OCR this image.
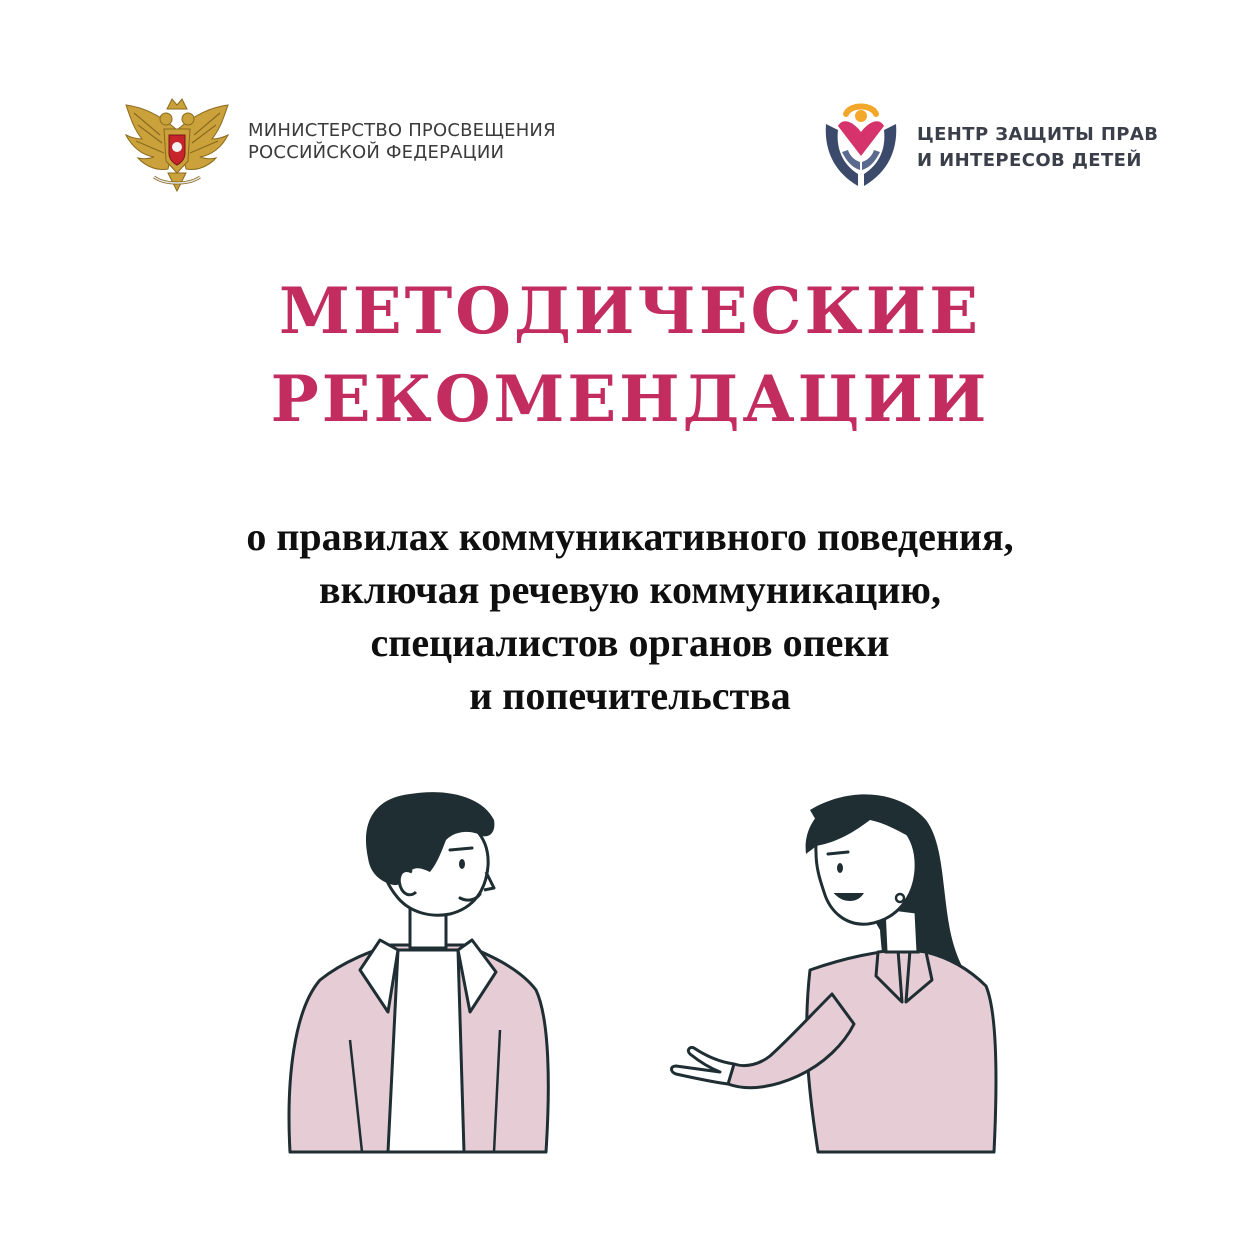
МИНИСТЕРСТВО ПРОСВЕЩЕНИЯ
РОССИЙСКОЙ ФЕДЕРАЦИИ
ЦЕНТР ЗАЩИТЫ ПРАВ
И ИНТЕРЕСОВ ДЕТЕЙ
МЕТОДИЧЕСКИЕ
РЕКОМЕНДАЦИИ
о правилах коммуникативного поведения,
включая речевую коммуникацию,
специалистов органов опеки
и попечительства
